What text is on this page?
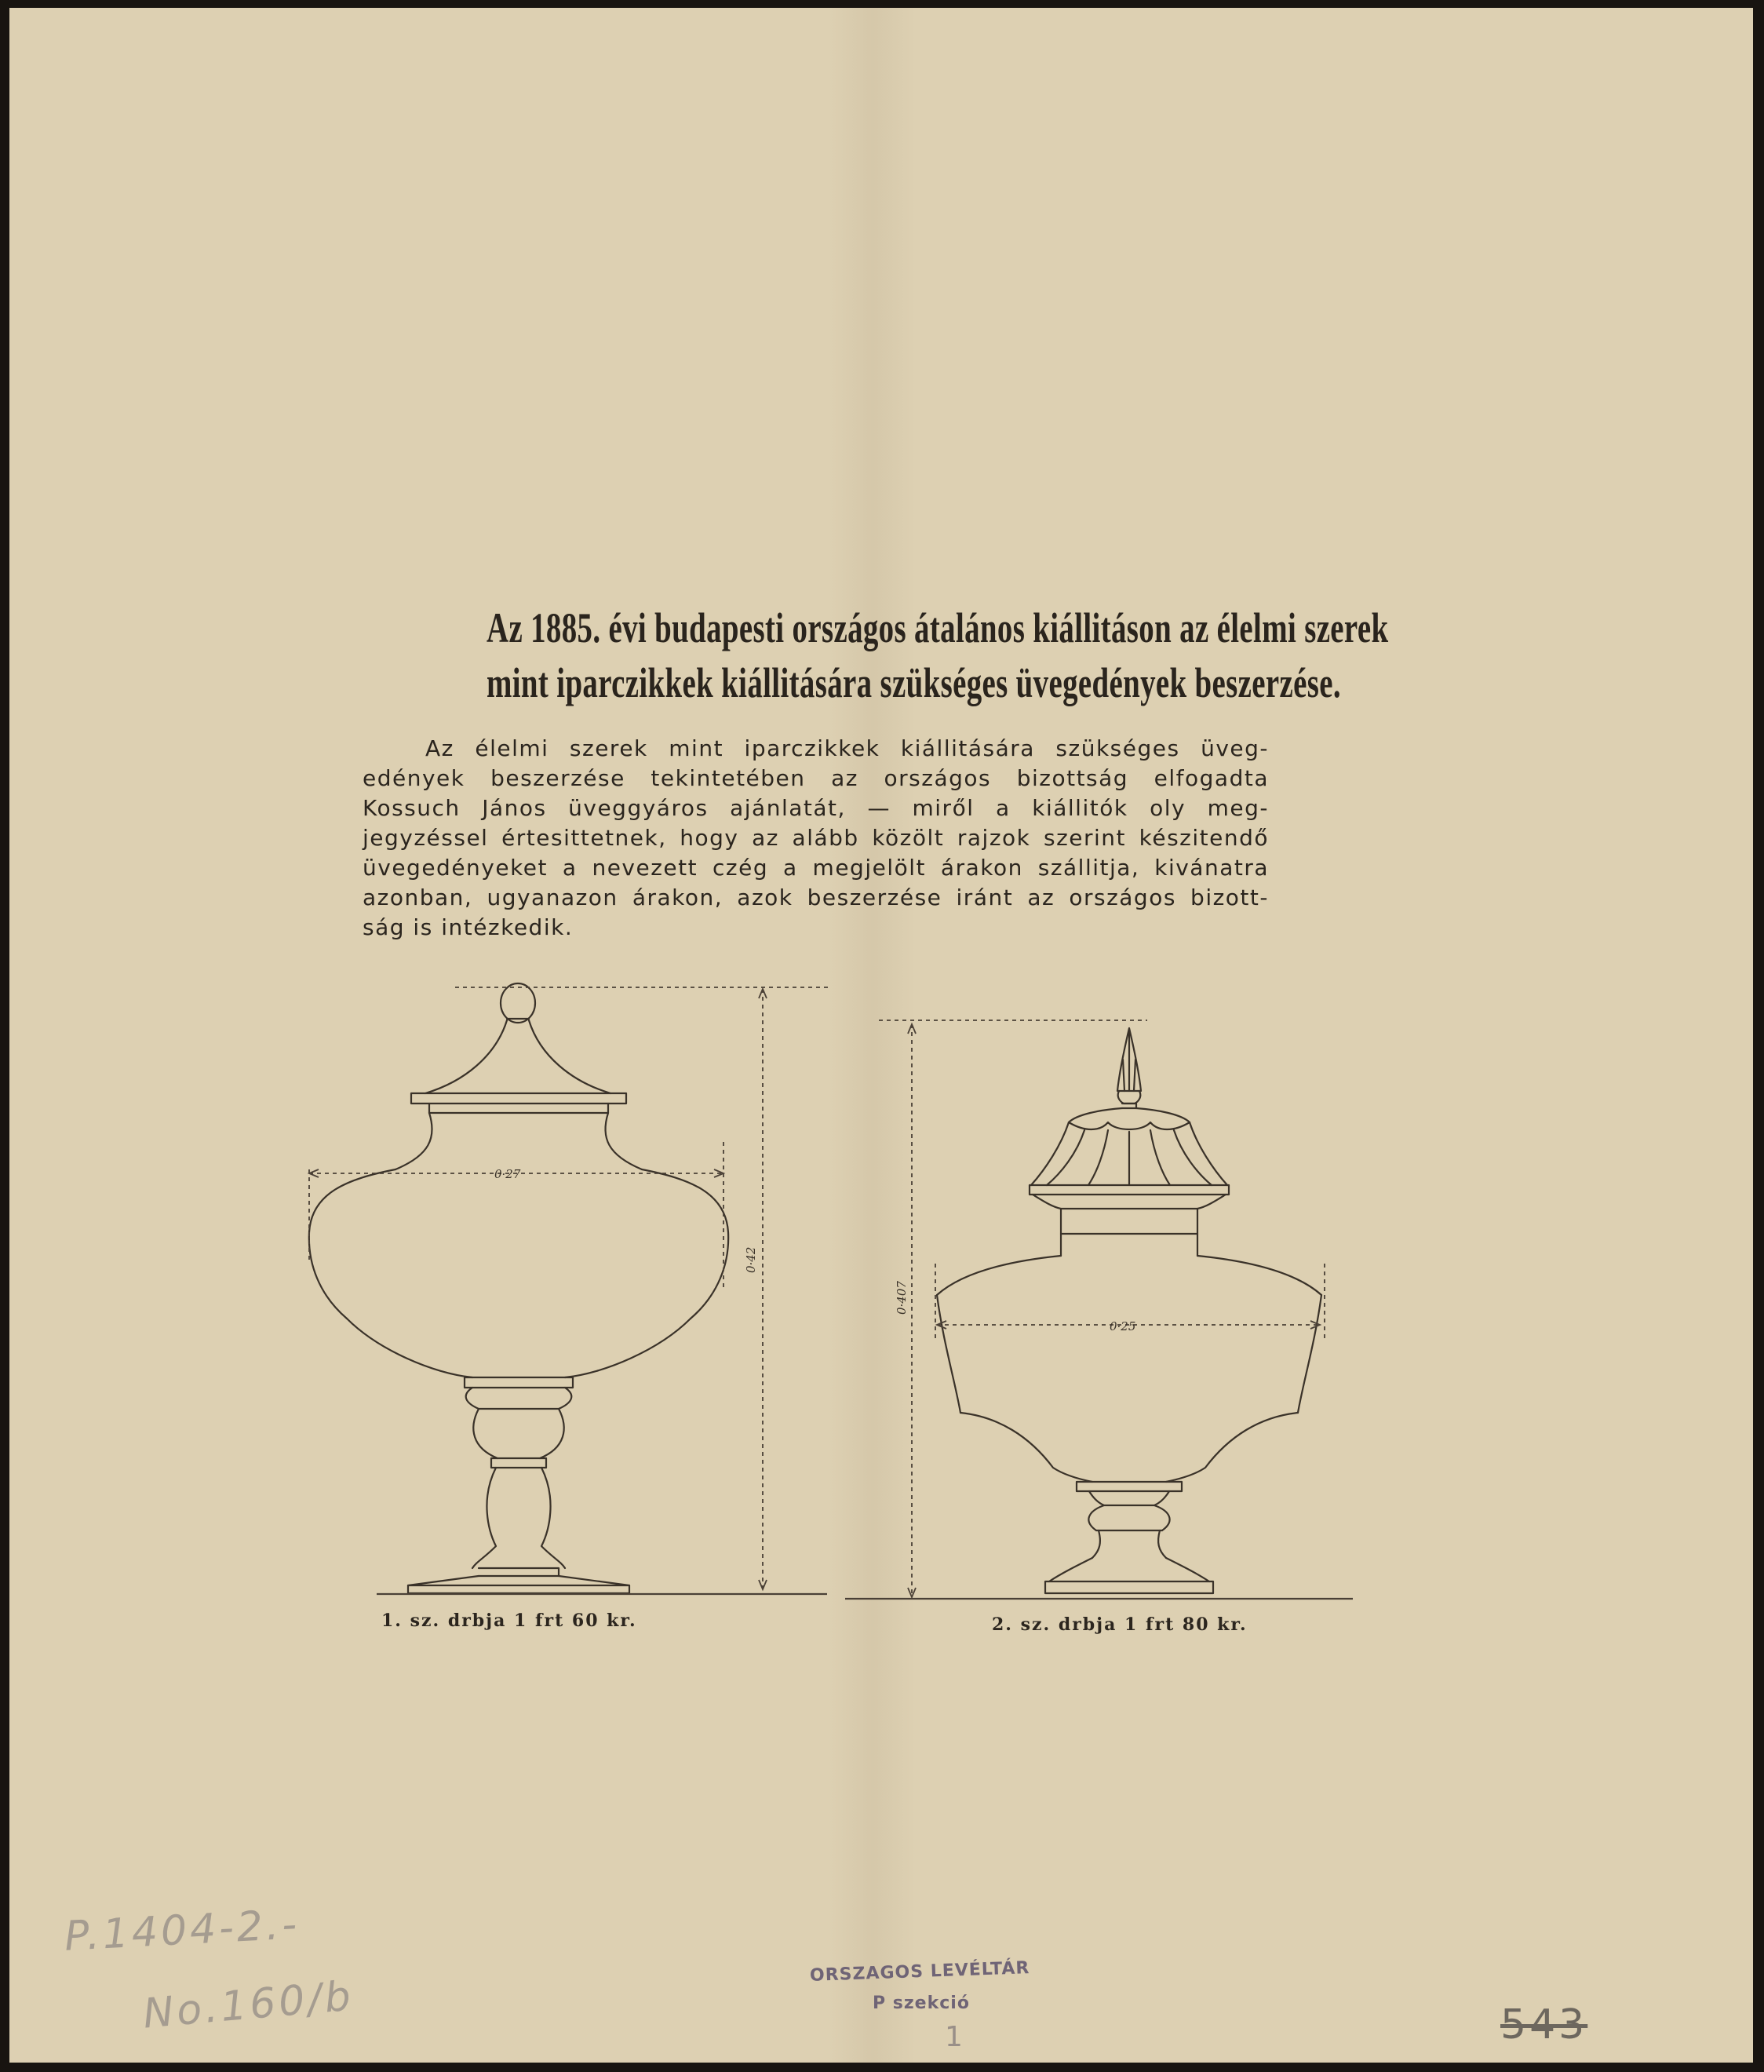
Az 1885. évi budapesti országos átalános kiállitáson az élelmi szerek
mint iparczikkek kiállitására szükséges üvegedények beszerzése.
Az élelmi szerek mint iparczikkek kiállitására szükséges üveg-
edények beszerzése tekintetében az országos bizottság elfogadta
Kossuch János üveggyáros ajánlatát, — miről a kiállitók oly meg-
jegyzéssel értesittetnek, hogy az alább közölt rajzok szerint készitendő
üvegedényeket a nevezett czég a megjelölt árakon szállitja, kivánatra
azonban, ugyanazon árakon, azok beszerzése iránt az országos bizott-
ság is intézkedik.
0·27
0·42
0·25
0·407
1. sz. drbja 1 frt 60 kr.	2. sz. drbja 1 frt 80 kr.
P.1404-2.-
No.160/b
ORSZAGOS LEVÉLTÁR
P szekció
1	543
